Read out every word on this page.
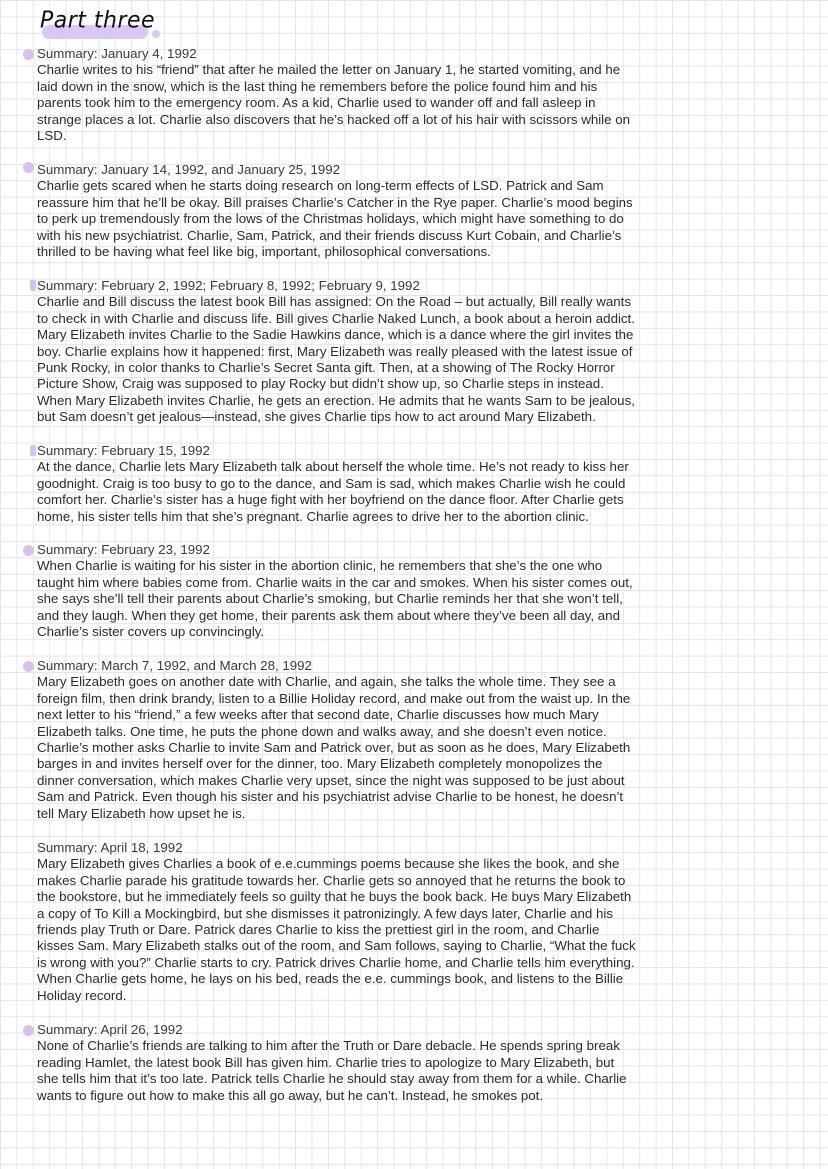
Part three
Summary: January 4, 1992
Charlie writes to his “friend” that after he mailed the letter on January 1, he started vomiting, and he
laid down in the snow, which is the last thing he remembers before the police found him and his
parents took him to the emergency room. As a kid, Charlie used to wander off and fall asleep in
strange places a lot. Charlie also discovers that he’s hacked off a lot of his hair with scissors while on
LSD.
Summary: January 14, 1992, and January 25, 1992
Charlie gets scared when he starts doing research on long-term effects of LSD. Patrick and Sam
reassure him that he’ll be okay. Bill praises Charlie’s Catcher in the Rye paper. Charlie’s mood begins
to perk up tremendously from the lows of the Christmas holidays, which might have something to do
with his new psychiatrist. Charlie, Sam, Patrick, and their friends discuss Kurt Cobain, and Charlie’s
thrilled to be having what feel like big, important, philosophical conversations.
Summary: February 2, 1992; February 8, 1992; February 9, 1992
Charlie and Bill discuss the latest book Bill has assigned: On the Road – but actually, Bill really wants
to check in with Charlie and discuss life. Bill gives Charlie Naked Lunch, a book about a heroin addict.
Mary Elizabeth invites Charlie to the Sadie Hawkins dance, which is a dance where the girl invites the
boy. Charlie explains how it happened: first, Mary Elizabeth was really pleased with the latest issue of
Punk Rocky, in color thanks to Charlie’s Secret Santa gift. Then, at a showing of The Rocky Horror
Picture Show, Craig was supposed to play Rocky but didn’t show up, so Charlie steps in instead.
When Mary Elizabeth invites Charlie, he gets an erection. He admits that he wants Sam to be jealous,
but Sam doesn’t get jealous—instead, she gives Charlie tips how to act around Mary Elizabeth.
Summary: February 15, 1992
At the dance, Charlie lets Mary Elizabeth talk about herself the whole time. He’s not ready to kiss her
goodnight. Craig is too busy to go to the dance, and Sam is sad, which makes Charlie wish he could
comfort her. Charlie’s sister has a huge fight with her boyfriend on the dance floor. After Charlie gets
home, his sister tells him that she’s pregnant. Charlie agrees to drive her to the abortion clinic.
Summary: February 23, 1992
When Charlie is waiting for his sister in the abortion clinic, he remembers that she’s the one who
taught him where babies come from. Charlie waits in the car and smokes. When his sister comes out,
she says she’ll tell their parents about Charlie’s smoking, but Charlie reminds her that she won’t tell,
and they laugh. When they get home, their parents ask them about where they’ve been all day, and
Charlie’s sister covers up convincingly.
Summary: March 7, 1992, and March 28, 1992
Mary Elizabeth goes on another date with Charlie, and again, she talks the whole time. They see a
foreign film, then drink brandy, listen to a Billie Holiday record, and make out from the waist up. In the
next letter to his “friend,” a few weeks after that second date, Charlie discusses how much Mary
Elizabeth talks. One time, he puts the phone down and walks away, and she doesn’t even notice.
Charlie’s mother asks Charlie to invite Sam and Patrick over, but as soon as he does, Mary Elizabeth
barges in and invites herself over for the dinner, too. Mary Elizabeth completely monopolizes the
dinner conversation, which makes Charlie very upset, since the night was supposed to be just about
Sam and Patrick. Even though his sister and his psychiatrist advise Charlie to be honest, he doesn’t
tell Mary Elizabeth how upset he is.
Summary: April 18, 1992
Mary Elizabeth gives Charlies a book of e.e.cummings poems because she likes the book, and she
makes Charlie parade his gratitude towards her. Charlie gets so annoyed that he returns the book to
the bookstore, but he immediately feels so guilty that he buys the book back. He buys Mary Elizabeth
a copy of To Kill a Mockingbird, but she dismisses it patronizingly. A few days later, Charlie and his
friends play Truth or Dare. Patrick dares Charlie to kiss the prettiest girl in the room, and Charlie
kisses Sam. Mary Elizabeth stalks out of the room, and Sam follows, saying to Charlie, “What the fuck
is wrong with you?” Charlie starts to cry. Patrick drives Charlie home, and Charlie tells him everything.
When Charlie gets home, he lays on his bed, reads the e.e. cummings book, and listens to the Billie
Holiday record.
Summary: April 26, 1992
None of Charlie’s friends are talking to him after the Truth or Dare debacle. He spends spring break
reading Hamlet, the latest book Bill has given him. Charlie tries to apologize to Mary Elizabeth, but
she tells him that it’s too late. Patrick tells Charlie he should stay away from them for a while. Charlie
wants to figure out how to make this all go away, but he can’t. Instead, he smokes pot.
